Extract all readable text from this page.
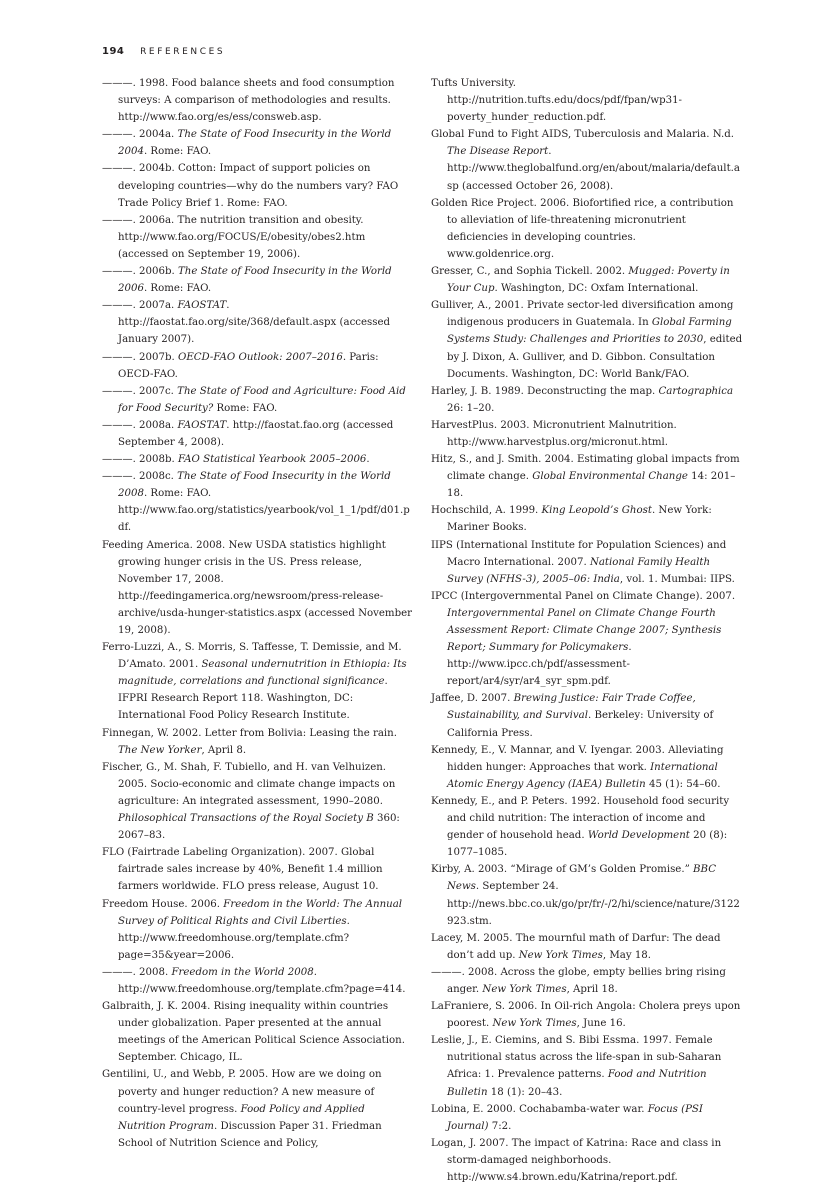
194 REFERENCES
———. 1998. Food balance sheets and food consumption surveys: A comparison of methodologies and results. http://www.fao.org/es/ess/consweb.asp.
———. 2004a. The State of Food Insecurity in the World 2004. Rome: FAO.
———. 2004b. Cotton: Impact of support policies on developing countries—why do the numbers vary? FAO Trade Policy Brief 1. Rome: FAO.
———. 2006a. The nutrition transition and obesity. http://www.fao.org/FOCUS/E/obesity/obes2.htm (accessed on September 19, 2006).
———. 2006b. The State of Food Insecurity in the World 2006. Rome: FAO.
———. 2007a. FAOSTAT. http://faostat.fao.org/site/368/default.aspx (accessed January 2007).
———. 2007b. OECD-FAO Outlook: 2007–2016. Paris: OECD-FAO.
———. 2007c. The State of Food and Agriculture: Food Aid for Food Security? Rome: FAO.
———. 2008a. FAOSTAT. http://faostat.fao.org (accessed September 4, 2008).
———. 2008b. FAO Statistical Yearbook 2005–2006.
———. 2008c. The State of Food Insecurity in the World 2008. Rome: FAO. http://www.fao.org/statistics/yearbook/vol_1_1/pdf/d01.pdf.
Feeding America. 2008. New USDA statistics highlight growing hunger crisis in the US. Press release, November 17, 2008. http://feedingamerica.org/newsroom/press-release-archive/usda-hunger-statistics.aspx (accessed November 19, 2008).
Ferro-Luzzi, A., S. Morris, S. Taffesse, T. Demissie, and M. D’Amato. 2001. Seasonal undernutrition in Ethiopia: Its magnitude, correlations and functional significance. IFPRI Research Report 118. Washington, DC: International Food Policy Research Institute.
Finnegan, W. 2002. Letter from Bolivia: Leasing the rain. The New Yorker, April 8.
Fischer, G., M. Shah, F. Tubiello, and H. van Velhuizen. 2005. Socio-economic and climate change impacts on agriculture: An integrated assessment, 1990–2080. Philosophical Transactions of the Royal Society B 360: 2067–83.
FLO (Fairtrade Labeling Organization). 2007. Global fairtrade sales increase by 40%, Benefit 1.4 million farmers worldwide. FLO press release, August 10.
Freedom House. 2006. Freedom in the World: The Annual Survey of Political Rights and Civil Liberties. http://www.freedomhouse.org/template.cfm?page=35&year=2006.
———. 2008. Freedom in the World 2008. http://www.freedomhouse.org/template.cfm?page=414.
Galbraith, J. K. 2004. Rising inequality within countries under globalization. Paper presented at the annual meetings of the American Political Science Association. September. Chicago, IL.
Gentilini, U., and Webb, P. 2005. How are we doing on poverty and hunger reduction? A new measure of country-level progress. Food Policy and Applied Nutrition Program. Discussion Paper 31. Friedman School of Nutrition Science and Policy,
Tufts University. http://nutrition.tufts.edu/docs/pdf/fpan/wp31-poverty_hunder_reduction.pdf.
Global Fund to Fight AIDS, Tuberculosis and Malaria. N.d. The Disease Report. http://www.theglobalfund.org/en/about/malaria/default.asp (accessed October 26, 2008).
Golden Rice Project. 2006. Biofortified rice, a contribution to alleviation of life-threatening micronutrient deficiencies in developing countries. www.goldenrice.org.
Gresser, C., and Sophia Tickell. 2002. Mugged: Poverty in Your Cup. Washington, DC: Oxfam International.
Gulliver, A., 2001. Private sector-led diversification among indigenous producers in Guatemala. In Global Farming Systems Study: Challenges and Priorities to 2030, edited by J. Dixon, A. Gulliver, and D. Gibbon. Consultation Documents. Washington, DC: World Bank/FAO.
Harley, J. B. 1989. Deconstructing the map. Cartographica 26: 1–20.
HarvestPlus. 2003. Micronutrient Malnutrition. http://www.harvestplus.org/micronut.html.
Hitz, S., and J. Smith. 2004. Estimating global impacts from climate change. Global Environmental Change 14: 201–18.
Hochschild, A. 1999. King Leopold’s Ghost. New York: Mariner Books.
IIPS (International Institute for Population Sciences) and Macro International. 2007. National Family Health Survey (NFHS-3), 2005–06: India, vol. 1. Mumbai: IIPS.
IPCC (Intergovernmental Panel on Climate Change). 2007. Intergovernmental Panel on Climate Change Fourth Assessment Report: Climate Change 2007; Synthesis Report; Summary for Policymakers. http://www.ipcc.ch/pdf/assessment-report/ar4/syr/ar4_syr_spm.pdf.
Jaffee, D. 2007. Brewing Justice: Fair Trade Coffee, Sustainability, and Survival. Berkeley: University of California Press.
Kennedy, E., V. Mannar, and V. Iyengar. 2003. Alleviating hidden hunger: Approaches that work. International Atomic Energy Agency (IAEA) Bulletin 45 (1): 54–60.
Kennedy, E., and P. Peters. 1992. Household food security and child nutrition: The interaction of income and gender of household head. World Development 20 (8): 1077–1085.
Kirby, A. 2003. “Mirage of GM’s Golden Promise.” BBC News. September 24. http://news.bbc.co.uk/go/pr/fr/-/2/hi/science/nature/3122923.stm.
Lacey, M. 2005. The mournful math of Darfur: The dead don’t add up. New York Times, May 18.
———. 2008. Across the globe, empty bellies bring rising anger. New York Times, April 18.
LaFraniere, S. 2006. In Oil-rich Angola: Cholera preys upon poorest. New York Times, June 16.
Leslie, J., E. Ciemins, and S. Bibi Essma. 1997. Female nutritional status across the life-span in sub-Saharan Africa: 1. Prevalence patterns. Food and Nutrition Bulletin 18 (1): 20–43.
Lobina, E. 2000. Cochabamba-water war. Focus (PSI Journal) 7:2.
Logan, J. 2007. The impact of Katrina: Race and class in storm-damaged neighborhoods. http://www.s4.brown.edu/Katrina/report.pdf.
